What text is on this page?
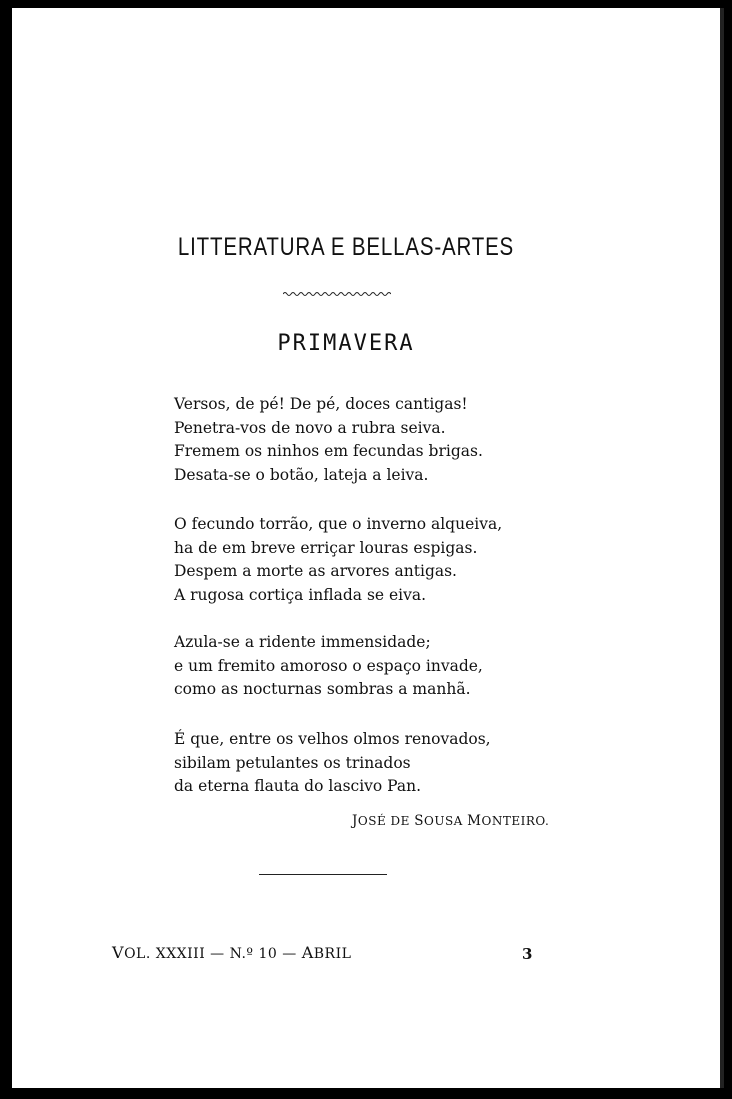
LITTERATURA E BELLAS-ARTES
PRIMAVERA
Versos, de pé! De pé, doces cantigas!
Penetra-vos de novo a rubra seiva.
Fremem os ninhos em fecundas brigas.
Desata-se o botão, lateja a leiva.
O fecundo torrão, que o inverno alqueiva,
ha de em breve erriçar louras espigas.
Despem a morte as arvores antigas.
A rugosa cortiça inflada se eiva.
Azula-se a ridente immensidade;
e um fremito amoroso o espaço invade,
como as nocturnas sombras a manhã.
É que, entre os velhos olmos renovados,
sibilam petulantes os trinados
da eterna flauta do lascivo Pan.
JOSÉ DE SOUSA MONTEIRO.
VOL. XXXIII — N.º 10 — ABRIL	3
